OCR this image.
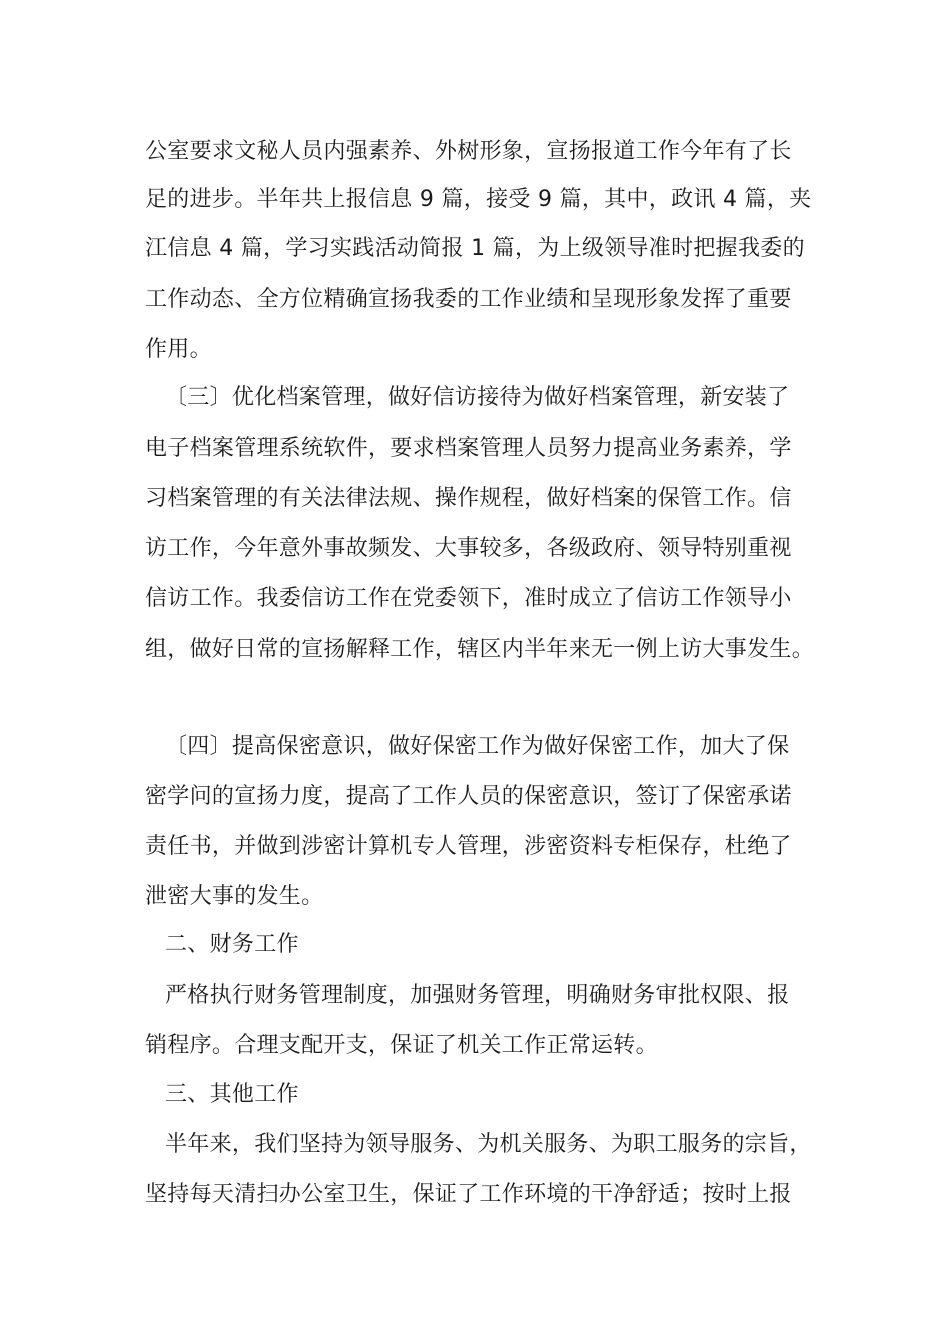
公室要求文秘人员内强素养、外树形象，宣扬报道工作今年有了长
足的进步。半年共上报信息 9 篇，接受 9 篇，其中，政讯 4 篇，夹
江信息 4 篇，学习实践活动简报 1 篇，为上级领导准时把握我委的
工作动态、全方位精确宣扬我委的工作业绩和呈现形象发挥了重要
作用。
〔三〕优化档案管理，做好信访接待为做好档案管理，新安装了
电子档案管理系统软件，要求档案管理人员努力提高业务素养，学
习档案管理的有关法律法规、操作规程，做好档案的保管工作。信
访工作，今年意外事故频发、大事较多，各级政府、领导特别重视
信访工作。我委信访工作在党委领下，准时成立了信访工作领导小
组，做好日常的宣扬解释工作，辖区内半年来无一例上访大事发生。
〔四〕提高保密意识，做好保密工作为做好保密工作，加大了保
密学问的宣扬力度，提高了工作人员的保密意识，签订了保密承诺
责任书，并做到涉密计算机专人管理，涉密资料专柜保存，杜绝了
泄密大事的发生。
二、财务工作
严格执行财务管理制度，加强财务管理，明确财务审批权限、报
销程序。合理支配开支，保证了机关工作正常运转。
三、其他工作
半年来，我们坚持为领导服务、为机关服务、为职工服务的宗旨，
坚持每天清扫办公室卫生，保证了工作环境的干净舒适；按时上报
